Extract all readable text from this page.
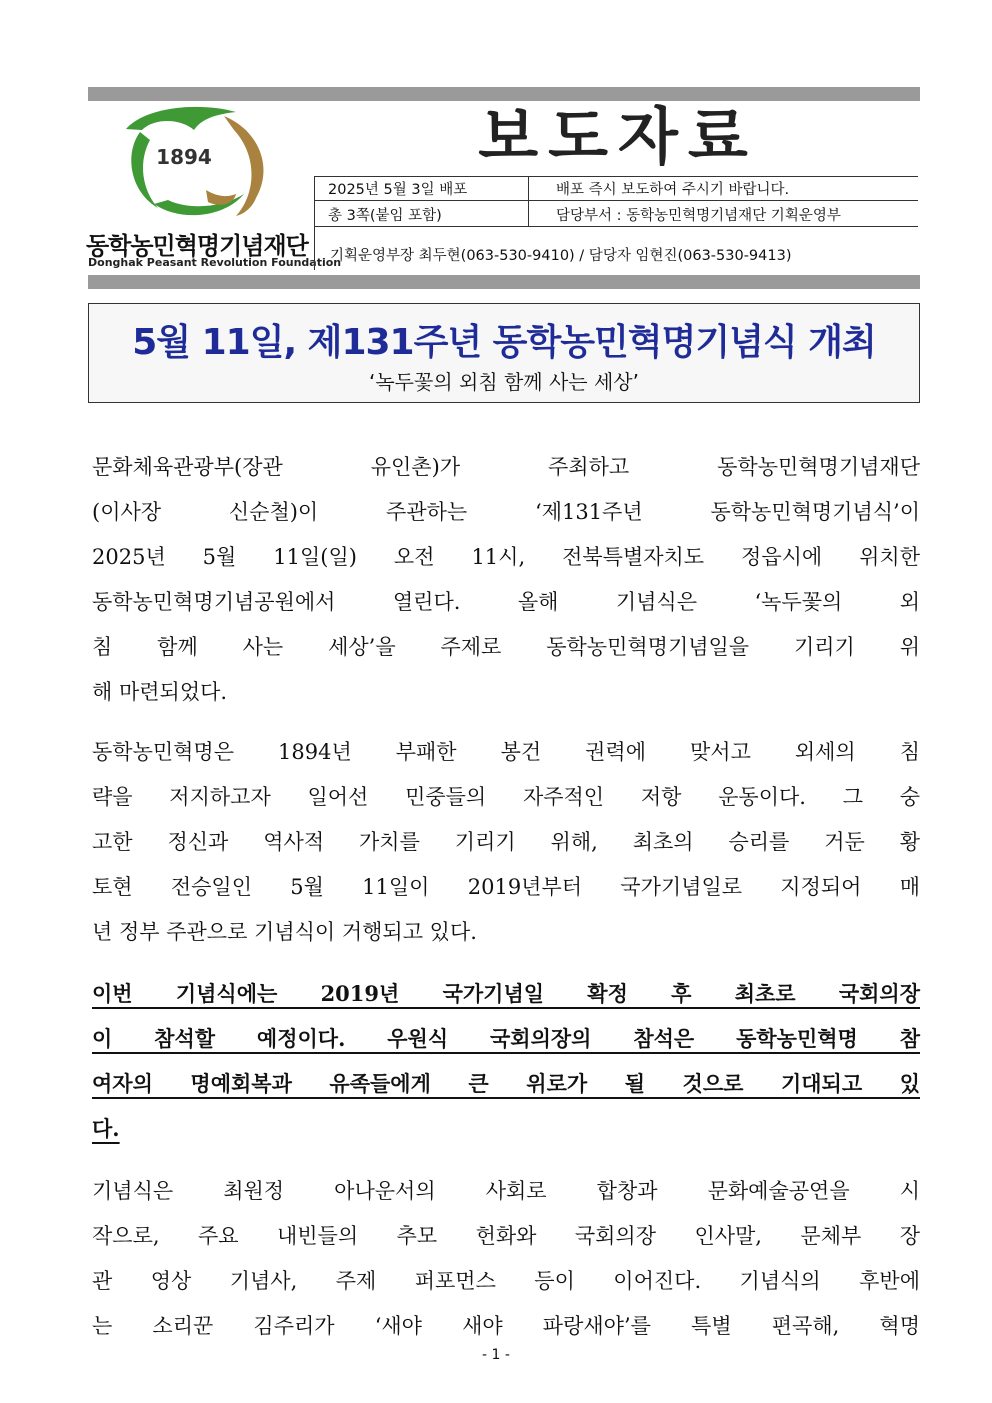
1894
동학농민혁명기념재단
Donghak Peasant Revolution Foundation
보도자료
2025년 5월 3일 배포	배포 즉시 보도하여 주시기 바랍니다.
총 3쪽(붙임 포함)	담당부서 : 동학농민혁명기념재단 기획운영부
기획운영부장 최두현(063-530-9410) / 담당자 임현진(063-530-9413)
5월 11일, 제131주년 동학농민혁명기념식 개최
‘녹두꽃의 외침 함께 사는 세상’
문화체육관광부(장관 유인촌)가 주최하고 동학농민혁명기념재단
(이사장 신순철)이 주관하는 ‘제131주년 동학농민혁명기념식’이
2025년 5월 11일(일) 오전 11시, 전북특별자치도 정읍시에 위치한
동학농민혁명기념공원에서 열린다. 올해 기념식은 ‘녹두꽃의 외
침 함께 사는 세상’을 주제로 동학농민혁명기념일을 기리기 위
해 마련되었다.
동학농민혁명은 1894년 부패한 봉건 권력에 맞서고 외세의 침
략을 저지하고자 일어선 민중들의 자주적인 저항 운동이다. 그 숭
고한 정신과 역사적 가치를 기리기 위해, 최초의 승리를 거둔 황
토현 전승일인 5월 11일이 2019년부터 국가기념일로 지정되어 매
년 정부 주관으로 기념식이 거행되고 있다.
이번 기념식에는 2019년 국가기념일 확정 후 최초로 국회의장
이 참석할 예정이다. 우원식 국회의장의 참석은 동학농민혁명 참
여자의 명예회복과 유족들에게 큰 위로가 될 것으로 기대되고 있
다.
기념식은 최원정 아나운서의 사회로 합창과 문화예술공연을 시
작으로, 주요 내빈들의 추모 헌화와 국회의장 인사말, 문체부 장
관 영상 기념사, 주제 퍼포먼스 등이 이어진다. 기념식의 후반에
는 소리꾼 김주리가 ‘새야 새야 파랑새야’를 특별 편곡해, 혁명
- 1 -
